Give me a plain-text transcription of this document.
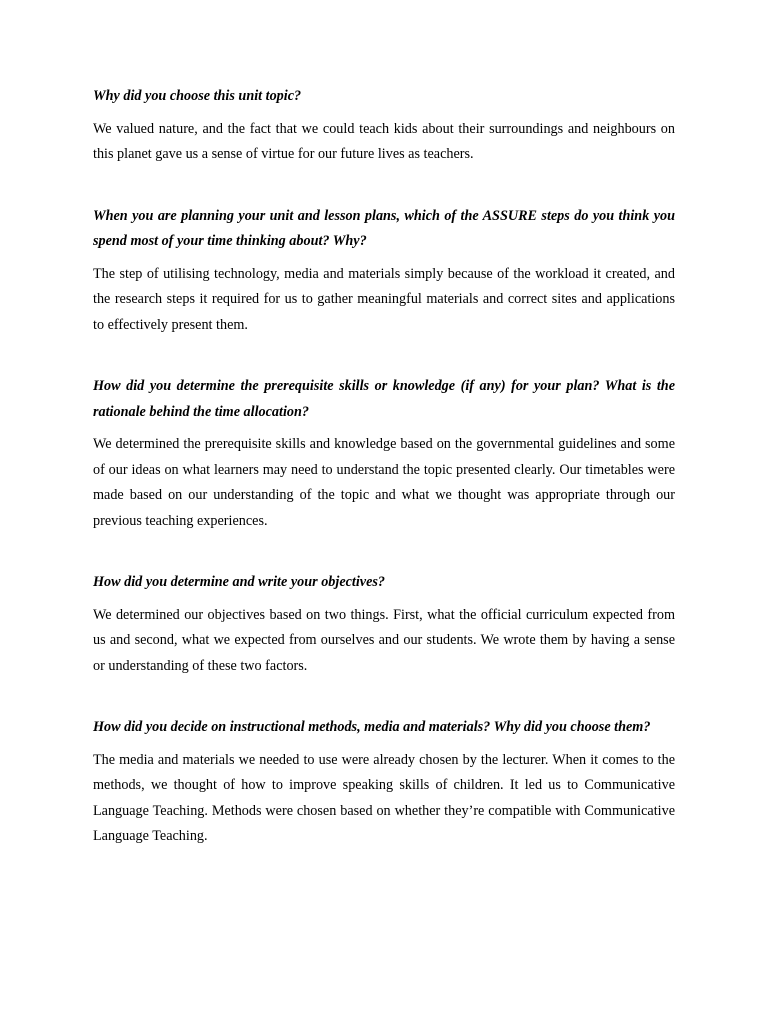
Why did you choose this unit topic?

We valued nature, and the fact that we could teach kids about their surroundings and neighbours on this planet gave us a sense of virtue for our future lives as teachers.

When you are planning your unit and lesson plans, which of the ASSURE steps do you think you spend most of your time thinking about? Why?

The step of utilising technology, media and materials simply because of the workload it created, and the research steps it required for us to gather meaningful materials and correct sites and applications to effectively present them.

How did you determine the prerequisite skills or knowledge (if any) for your plan? What is the rationale behind the time allocation?

We determined the prerequisite skills and knowledge based on the governmental guidelines and some of our ideas on what learners may need to understand the topic presented clearly. Our timetables were made based on our understanding of the topic and what we thought was appropriate through our previous teaching experiences.

How did you determine and write your objectives?

We determined our objectives based on two things. First, what the official curriculum expected from us and second, what we expected from ourselves and our students. We wrote them by having a sense or understanding of these two factors.

How did you decide on instructional methods, media and materials? Why did you choose them?

The media and materials we needed to use were already chosen by the lecturer. When it comes to the methods, we thought of how to improve speaking skills of children. It led us to Communicative Language Teaching. Methods were chosen based on whether they’re compatible with Communicative Language Teaching.
